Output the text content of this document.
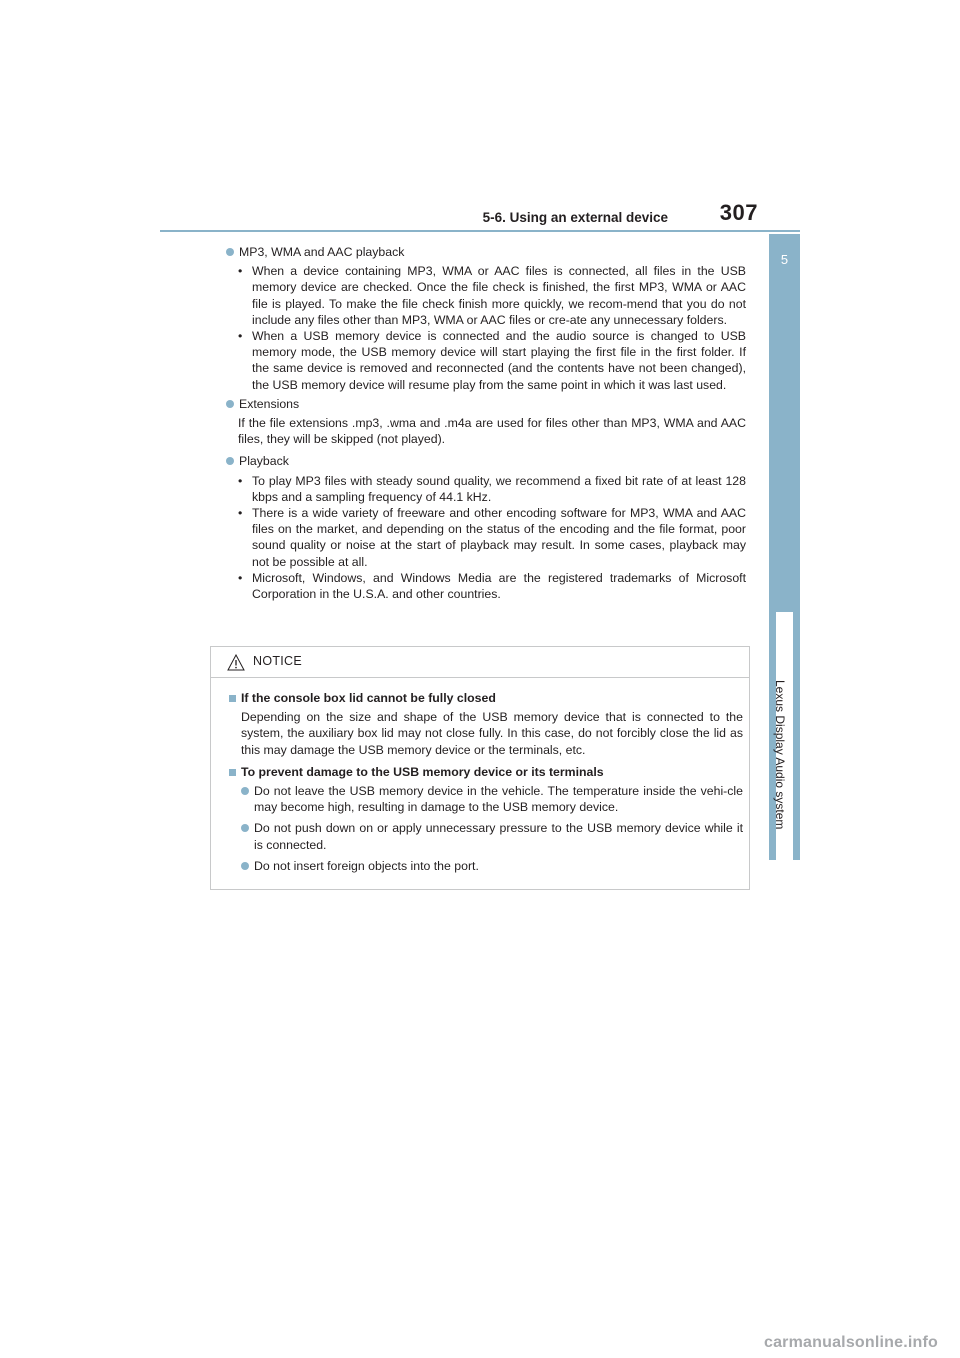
5-6. Using an external device 307
5
Lexus Display Audio system
MP3, WMA and AAC playback
• When a device containing MP3, WMA or AAC files is connected, all files in the USB memory device are checked. Once the file check is finished, the first MP3, WMA or AAC file is played. To make the file check finish more quickly, we recom-mend that you do not include any files other than MP3, WMA or AAC files or cre-ate any unnecessary folders.
• When a USB memory device is connected and the audio source is changed to USB memory mode, the USB memory device will start playing the first file in the first folder. If the same device is removed and reconnected (and the contents have not been changed), the USB memory device will resume play from the same point in which it was last used.
Extensions
If the file extensions .mp3, .wma and .m4a are used for files other than MP3, WMA and AAC files, they will be skipped (not played).
Playback
• To play MP3 files with steady sound quality, we recommend a fixed bit rate of at least 128 kbps and a sampling frequency of 44.1 kHz.
• There is a wide variety of freeware and other encoding software for MP3, WMA and AAC files on the market, and depending on the status of the encoding and the file format, poor sound quality or noise at the start of playback may result. In some cases, playback may not be possible at all.
• Microsoft, Windows, and Windows Media are the registered trademarks of Microsoft Corporation in the U.S.A. and other countries.
NOTICE
If the console box lid cannot be fully closed
Depending on the size and shape of the USB memory device that is connected to the system, the auxiliary box lid may not close fully. In this case, do not forcibly close the lid as this may damage the USB memory device or the terminals, etc.
To prevent damage to the USB memory device or its terminals
Do not leave the USB memory device in the vehicle. The temperature inside the vehi-cle may become high, resulting in damage to the USB memory device.
Do not push down on or apply unnecessary pressure to the USB memory device while it is connected.
Do not insert foreign objects into the port.
carmanualsonline.info
